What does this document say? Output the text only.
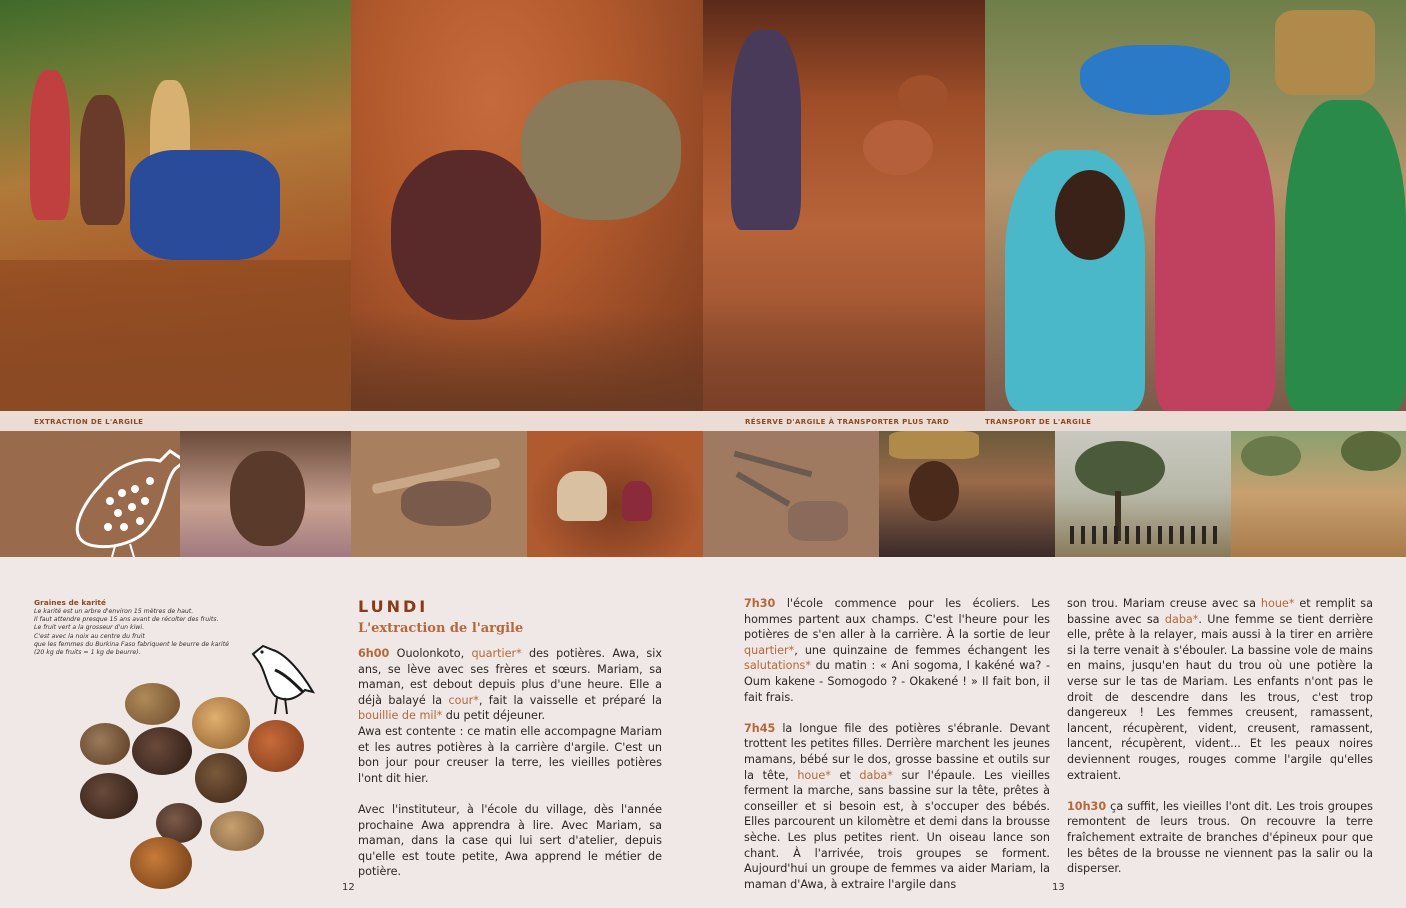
EXTRACTION DE L'ARGILE	RÉSERVE D'ARGILE À TRANSPORTER PLUS TARD	TRANSPORT DE L'ARGILE
Graines de karité
Le karité est un arbre d'environ 15 mètres de haut.
Il faut attendre presque 15 ans avant de récolter des fruits.
Le fruit vert a la grosseur d'un kiwi.
C'est avec la noix au centre du fruit
que les femmes du Burkina Faso fabriquent le beurre de karité
(20 kg de fruits = 1 kg de beurre).
LUNDI
L'extraction de l'argile

6h00 Ouolonkoto, quartier* des potières. Awa, six ans, se lève avec ses frères et sœurs. Mariam, sa maman, est debout depuis plus d'une heure. Elle a déjà balayé la cour*, fait la vaisselle et préparé la bouillie de mil* du petit déjeuner.
Awa est contente : ce matin elle accompagne Mariam et les autres potières à la carrière d'argile. C'est un bon jour pour creuser la terre, les vieilles potières l'ont dit hier.

Avec l'instituteur, à l'école du village, dès l'année prochaine Awa apprendra à lire. Avec Mariam, sa maman, dans la case qui lui sert d'atelier, depuis qu'elle est toute petite, Awa apprend le métier de potière.

7h30 l'école commence pour les écoliers. Les hommes partent aux champs. C'est l'heure pour les potières de s'en aller à la carrière. À la sortie de leur quartier*, une quinzaine de femmes échangent les salutations* du matin : « Ani sogoma, I kakéné wa? - Oum kakene - Somogodo ? - Okakené ! » Il fait bon, il fait frais.

7h45 la longue file des potières s'ébranle. Devant trottent les petites filles. Derrière marchent les jeunes mamans, bébé sur le dos, grosse bassine et outils sur la tête, houe* et daba* sur l'épaule. Les vieilles ferment la marche, sans bassine sur la tête, prêtes à conseiller et si besoin est, à s'occuper des bébés. Elles parcourent un kilomètre et demi dans la brousse sèche. Les plus petites rient. Un oiseau lance son chant. À l'arrivée, trois groupes se forment. Aujourd'hui un groupe de femmes va aider Mariam, la maman d'Awa, à extraire l'argile dans

son trou. Mariam creuse avec sa houe* et remplit sa bassine avec sa daba*. Une femme se tient derrière elle, prête à la relayer, mais aussi à la tirer en arrière si la terre venait à s'ébouler. La bassine vole de mains en mains, jusqu'en haut du trou où une potière la verse sur le tas de Mariam. Les enfants n'ont pas le droit de descendre dans les trous, c'est trop dangereux ! Les femmes creusent, ramassent, lancent, récupèrent, vident, creusent, ramassent, lancent, récupèrent, vident... Et les peaux noires deviennent rouges, rouges comme l'argile qu'elles extraient.

10h30 ça suffit, les vieilles l'ont dit. Les trois groupes remontent de leurs trous. On recouvre la terre fraîchement extraite de branches d'épineux pour que les bêtes de la brousse ne viennent pas la salir ou la disperser.

12	13
